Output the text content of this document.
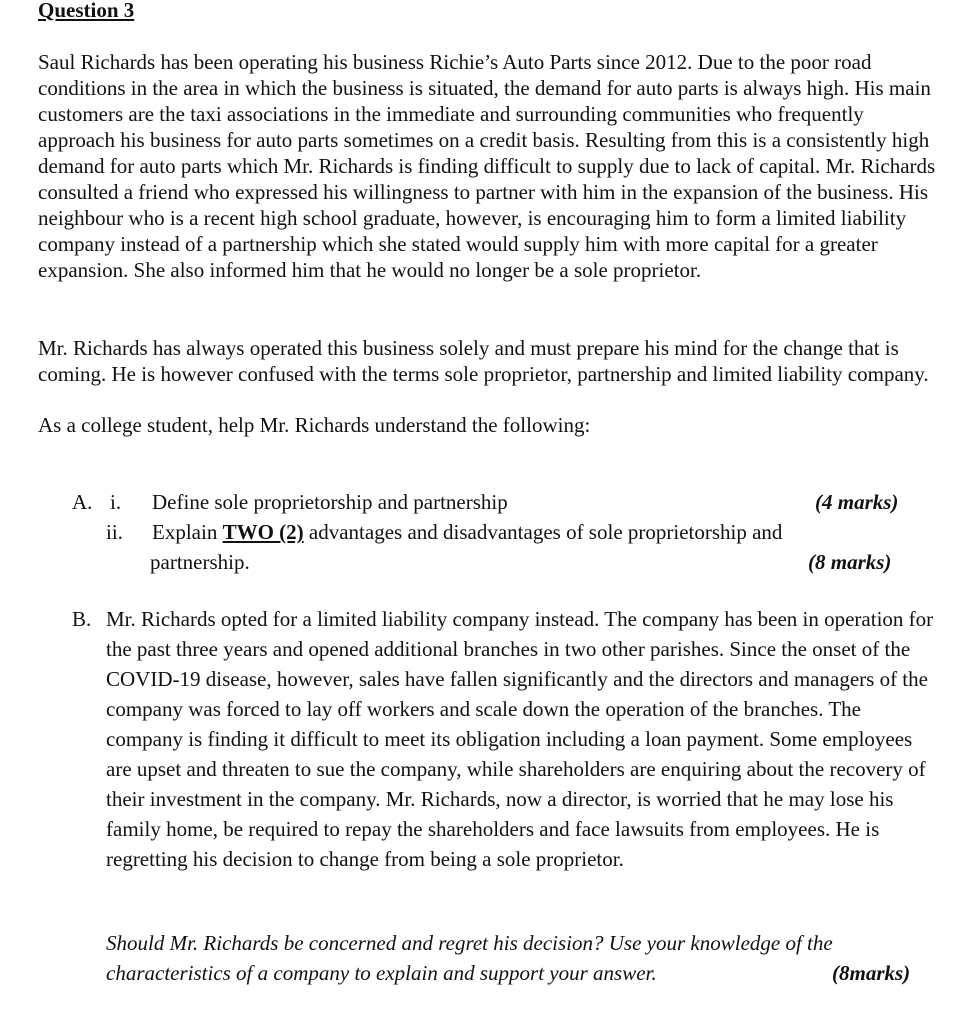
Question 3

Saul Richards has been operating his business Richie’s Auto Parts since 2012. Due to the poor road conditions in the area in which the business is situated, the demand for auto parts is always high. His main customers are the taxi associations in the immediate and surrounding communities who frequently approach his business for auto parts sometimes on a credit basis. Resulting from this is a consistently high demand for auto parts which Mr. Richards is finding difficult to supply due to lack of capital. Mr. Richards consulted a friend who expressed his willingness to partner with him in the expansion of the business. His neighbour who is a recent high school graduate, however, is encouraging him to form a limited liability company instead of a partnership which she stated would supply him with more capital for a greater expansion. She also informed him that he would no longer be a sole proprietor.

Mr. Richards has always operated this business solely and must prepare his mind for the change that is coming. He is however confused with the terms sole proprietor, partnership and limited liability company.

As a college student, help Mr. Richards understand the following:

A. i. Define sole proprietorship and partnership	(4 marks)
ii. Explain TWO (2) advantages and disadvantages of sole proprietorship and
partnership.	(8 marks)
B. Mr. Richards opted for a limited liability company instead. The company has been in operation for the past three years and opened additional branches in two other parishes. Since the onset of the COVID-19 disease, however, sales have fallen significantly and the directors and managers of the company was forced to lay off workers and scale down the operation of the branches. The company is finding it difficult to meet its obligation including a loan payment. Some employees are upset and threaten to sue the company, while shareholders are enquiring about the recovery of their investment in the company. Mr. Richards, now a director, is worried that he may lose his family home, be required to repay the shareholders and face lawsuits from employees. He is regretting his decision to change from being a sole proprietor.

Should Mr. Richards be concerned and regret his decision? Use your knowledge of the characteristics of a company to explain and support your answer.	(8marks)
